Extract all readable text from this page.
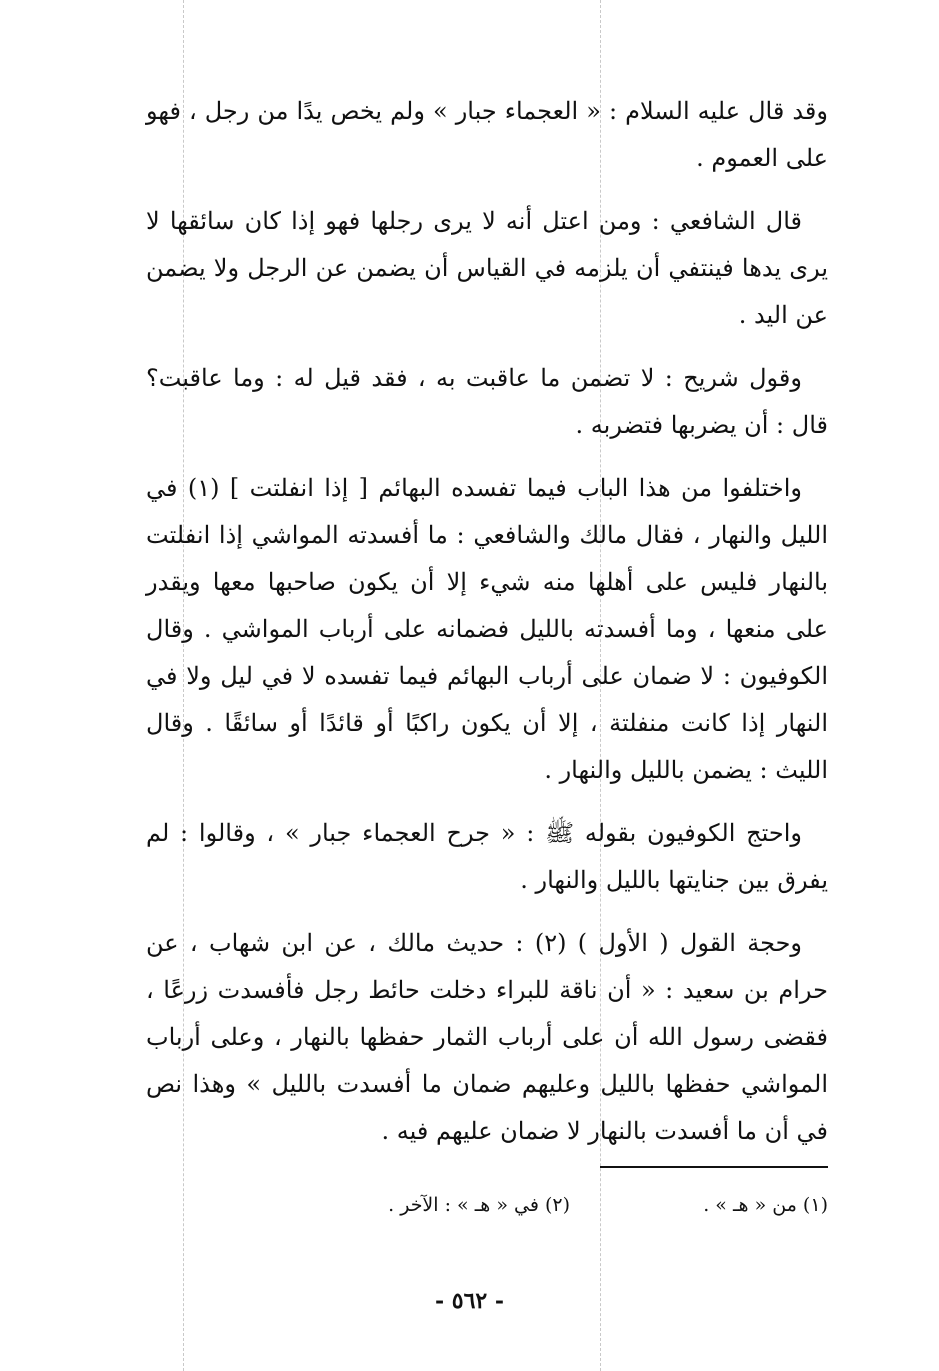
وقد قال عليه السلام : « العجماء جبار » ولم يخص يدًا من رجل ، فهو على العموم .

قال الشافعي : ومن اعتل أنه لا يرى رجلها فهو إذا كان سائقها لا يرى يدها فينتفي أن يلزمه في القياس أن يضمن عن الرجل ولا يضمن عن اليد .

وقول شريح : لا تضمن ما عاقبت به ، فقد قيل له : وما عاقبت؟ قال : أن يضربها فتضربه .

واختلفوا من هذا الباب فيما تفسده البهائم [ إذا انفلتت ] (١) في الليل والنهار ، فقال مالك والشافعي : ما أفسدته المواشي إذا انفلتت بالنهار فليس على أهلها منه شيء إلا أن يكون صاحبها معها ويقدر على منعها ، وما أفسدته بالليل فضمانه على أرباب المواشي . وقال الكوفيون : لا ضمان على أرباب البهائم فيما تفسده لا في ليل ولا في النهار إذا كانت منفلتة ، إلا أن يكون راكبًا أو قائدًا أو سائقًا . وقال الليث : يضمن بالليل والنهار .

واحتج الكوفيون بقوله ﷺ : « جرح العجماء جبار » ، وقالوا : لم يفرق بين جنايتها بالليل والنهار .

وحجة القول ( الأول ) (٢) : حديث مالك ، عن ابن شهاب ، عن حرام بن سعيد : « أن ناقة للبراء دخلت حائط رجل فأفسدت زرعًا ، فقضى رسول الله أن على أرباب الثمار حفظها بالنهار ، وعلى أرباب المواشي حفظها بالليل وعليهم ضمان ما أفسدت بالليل » وهذا نص في أن ما أفسدت بالنهار لا ضمان عليهم فيه .

(١) من « هـ » .
(٢) في « هـ » : الآخر .
- ٥٦٢ -
